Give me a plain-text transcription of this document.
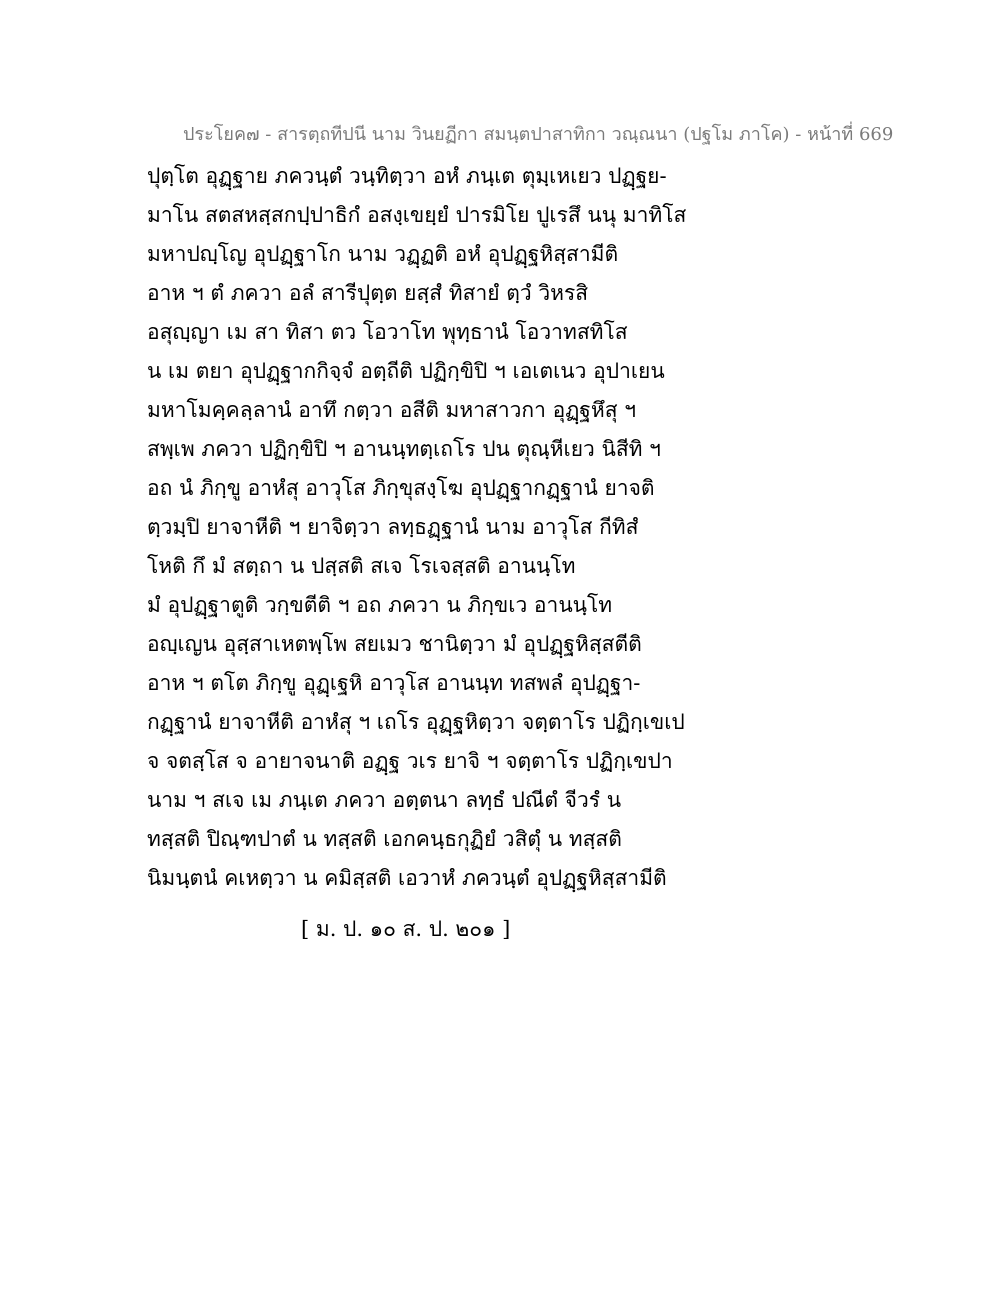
ประโยค๗ - สารตฺถทีปนี นาม วินยฏีกา สมนฺตปาสาทิกา วณฺณนา (ปฐโม ภาโค) - หน้าที่ 669
ปุตฺโต อุฏฺฐาย ภควนฺตํ วนฺทิตฺวา อหํ ภนฺเต ตุมฺเหเยว ปฏฺฐย-
มาโน สตสหสฺสกปฺปาธิกํ อสงฺเขยฺยํ ปารมิโย ปูเรสึ นนุ มาทิโส
มหาปญฺโญ อุปฏฺฐาโก นาม วฏฺฏติ อหํ อุปฏฺฐหิสฺสามีติ
อาห ฯ ตํ ภควา อลํ สารีปุตฺต ยสฺสํ ทิสายํ ตฺวํ วิหรสิ
อสุญฺญา เม สา ทิสา ตว โอวาโท พุทฺธานํ โอวาทสทิโส
น เม ตยา อุปฏฺฐากกิจฺจํ อตฺถีติ ปฏิกฺขิปิ ฯ เอเตเนว อุปาเยน
มหาโมคฺคลฺลานํ อาทึ กตฺวา อสีติ มหาสาวกา อุฏฺฐหึสุ ฯ
สพฺเพ ภควา ปฏิกฺขิปิ ฯ อานนฺทตฺเถโร ปน ตุณฺหีเยว นิสีทิ ฯ
อถ นํ ภิกฺขู อาหํสุ อาวุโส ภิกฺขุสงฺโฆ อุปฏฺฐากฏฺฐานํ ยาจติ
ตฺวมฺปิ ยาจาหีติ ฯ ยาจิตฺวา ลทฺธฏฺฐานํ นาม อาวุโส กีทิสํ
โหติ กึ มํ สตฺถา น ปสฺสติ สเจ โรเจสฺสติ อานนฺโท
มํ อุปฏฺฐาตูติ วกฺขตีติ ฯ อถ ภควา น ภิกฺขเว อานนฺโท
อญฺเญน อุสฺสาเหตพฺโพ สยเมว ชานิตฺวา มํ อุปฏฺฐหิสฺสตีติ
อาห ฯ ตโต ภิกฺขู อุฏฺเฐหิ อาวุโส อานนฺท ทสพลํ อุปฏฺฐา-
กฏฺฐานํ ยาจาหีติ อาหํสุ ฯ เถโร อุฏฺฐหิตฺวา จตฺตาโร ปฏิกฺเขเป
จ จตสฺโส จ อายาจนาติ อฏฺฐ วเร ยาจิ ฯ จตฺตาโร ปฏิกฺเขปา
นาม ฯ สเจ เม ภนฺเต ภควา อตฺตนา ลทฺธํ ปณีตํ จีวรํ น
ทสฺสติ ปิณฺฑปาตํ น ทสฺสติ เอกคนฺธกุฏิยํ วสิตุํ น ทสฺสติ
นิมนฺตนํ คเหตฺวา น คมิสฺสติ เอวาหํ ภควนฺตํ อุปฏฺฐหิสฺสามีติ
[ ม. ป. ๑๐ ส. ป. ๒๐๑ ]
